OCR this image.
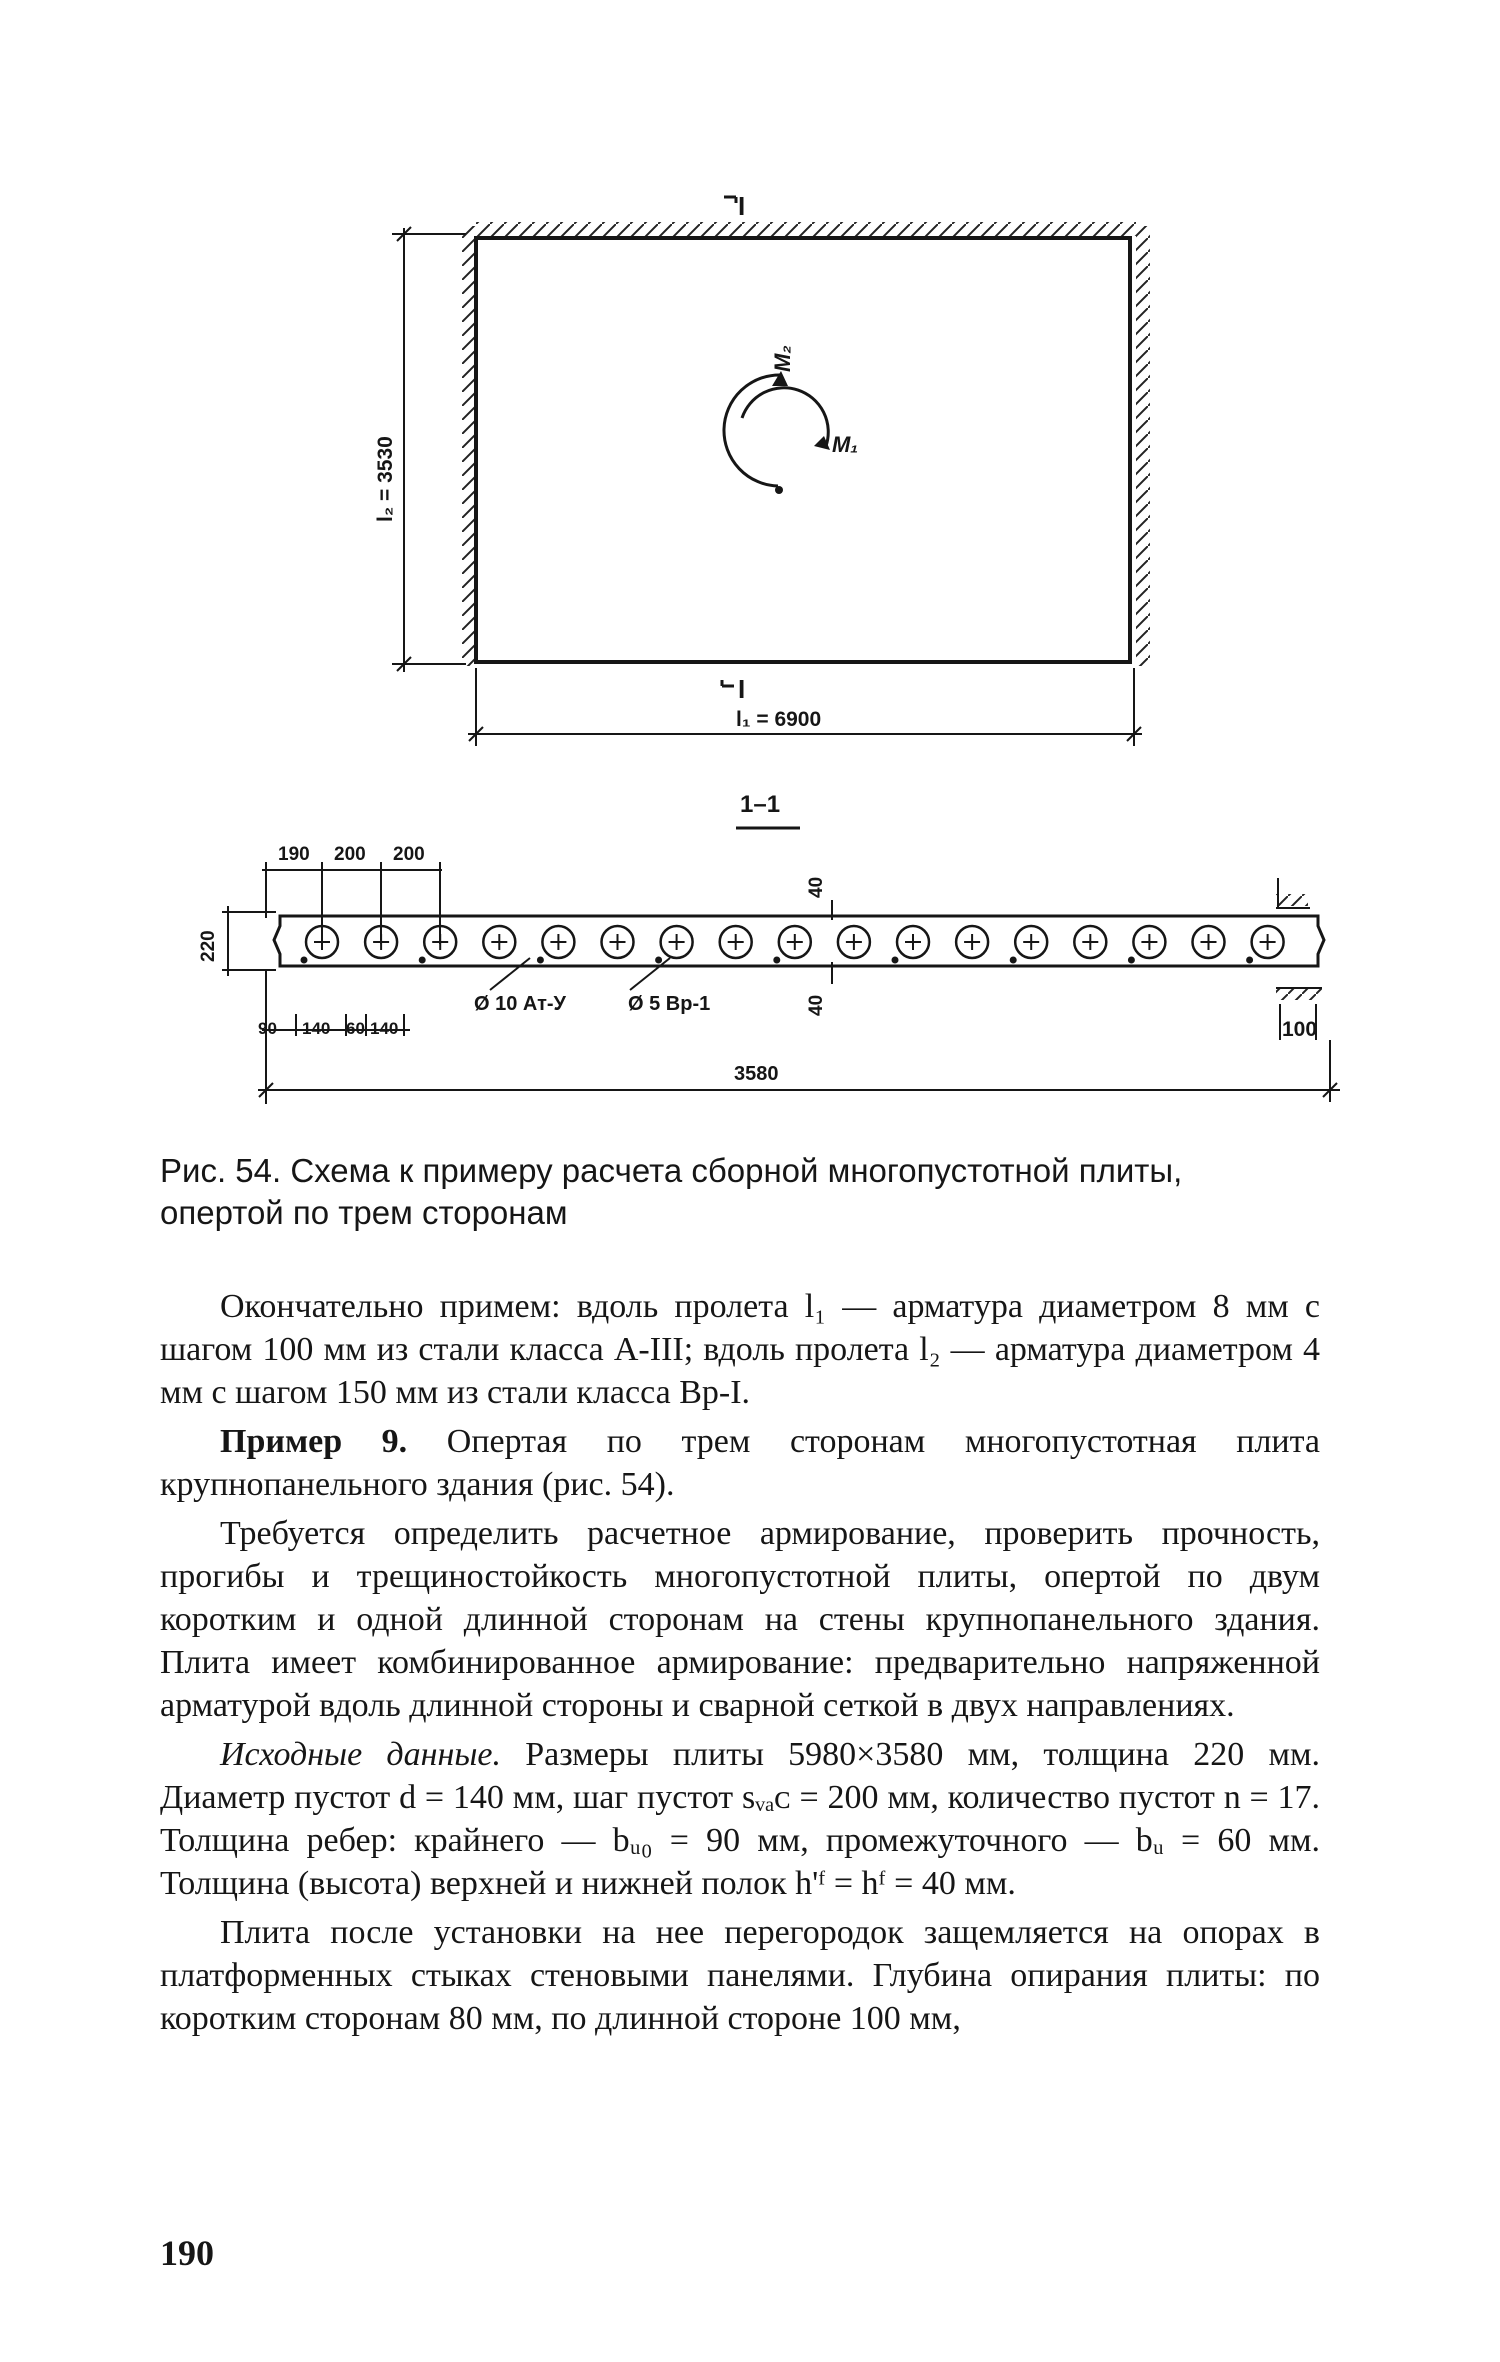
I
I
M₁
M₂
l₂ = 3530
l₁ = 6900
1–1
190 200 200
220
40
40
Ø 10 Ат-У	Ø 5 Вр-1
90 140 60 140	100
3580

Рис. 54. Схема к примеру расчета сборной многопустотной плиты,

опертой по трем сторонам

Окончательно примем: вдоль пролета l₁ — арматура диаметром 8 мм с шагом 100 мм из стали класса А-III; вдоль пролета l₂ — арматура диаметром 4 мм с шагом 150 мм из стали класса Вр-I.

Пример 9. Опертая по трем сторонам многопустотная плита крупнопанельного здания (рис. 54).

Требуется определить расчетное армирование, проверить прочность, прогибы и трещиностойкость многопустотной плиты, опертой по двум коротким и одной длинной сторонам на стены крупнопанельного здания. Плита имеет комбинированное армирование: предварительно напряженной арматурой вдоль длинной стороны и сварной сеткой в двух направлениях.

Исходные данные. Размеры плиты 5980×3580 мм, толщина 220 мм. Диаметр пустот d = 140 мм, шаг пустот sᵥₐᴄ = 200 мм, количество пустот n = 17. Толщина ребер: крайнего — bᵤ₀ = 90 мм, промежуточного — bᵤ = 60 мм. Толщина (высота) верхней и нижней полок h'ᶠ = hᶠ = 40 мм.

Плита после установки на нее перегородок защемляется на опорах в платформенных стыках стеновыми панелями. Глубина опирания плиты: по коротким сторонам 80 мм, по длинной стороне 100 мм,

190
